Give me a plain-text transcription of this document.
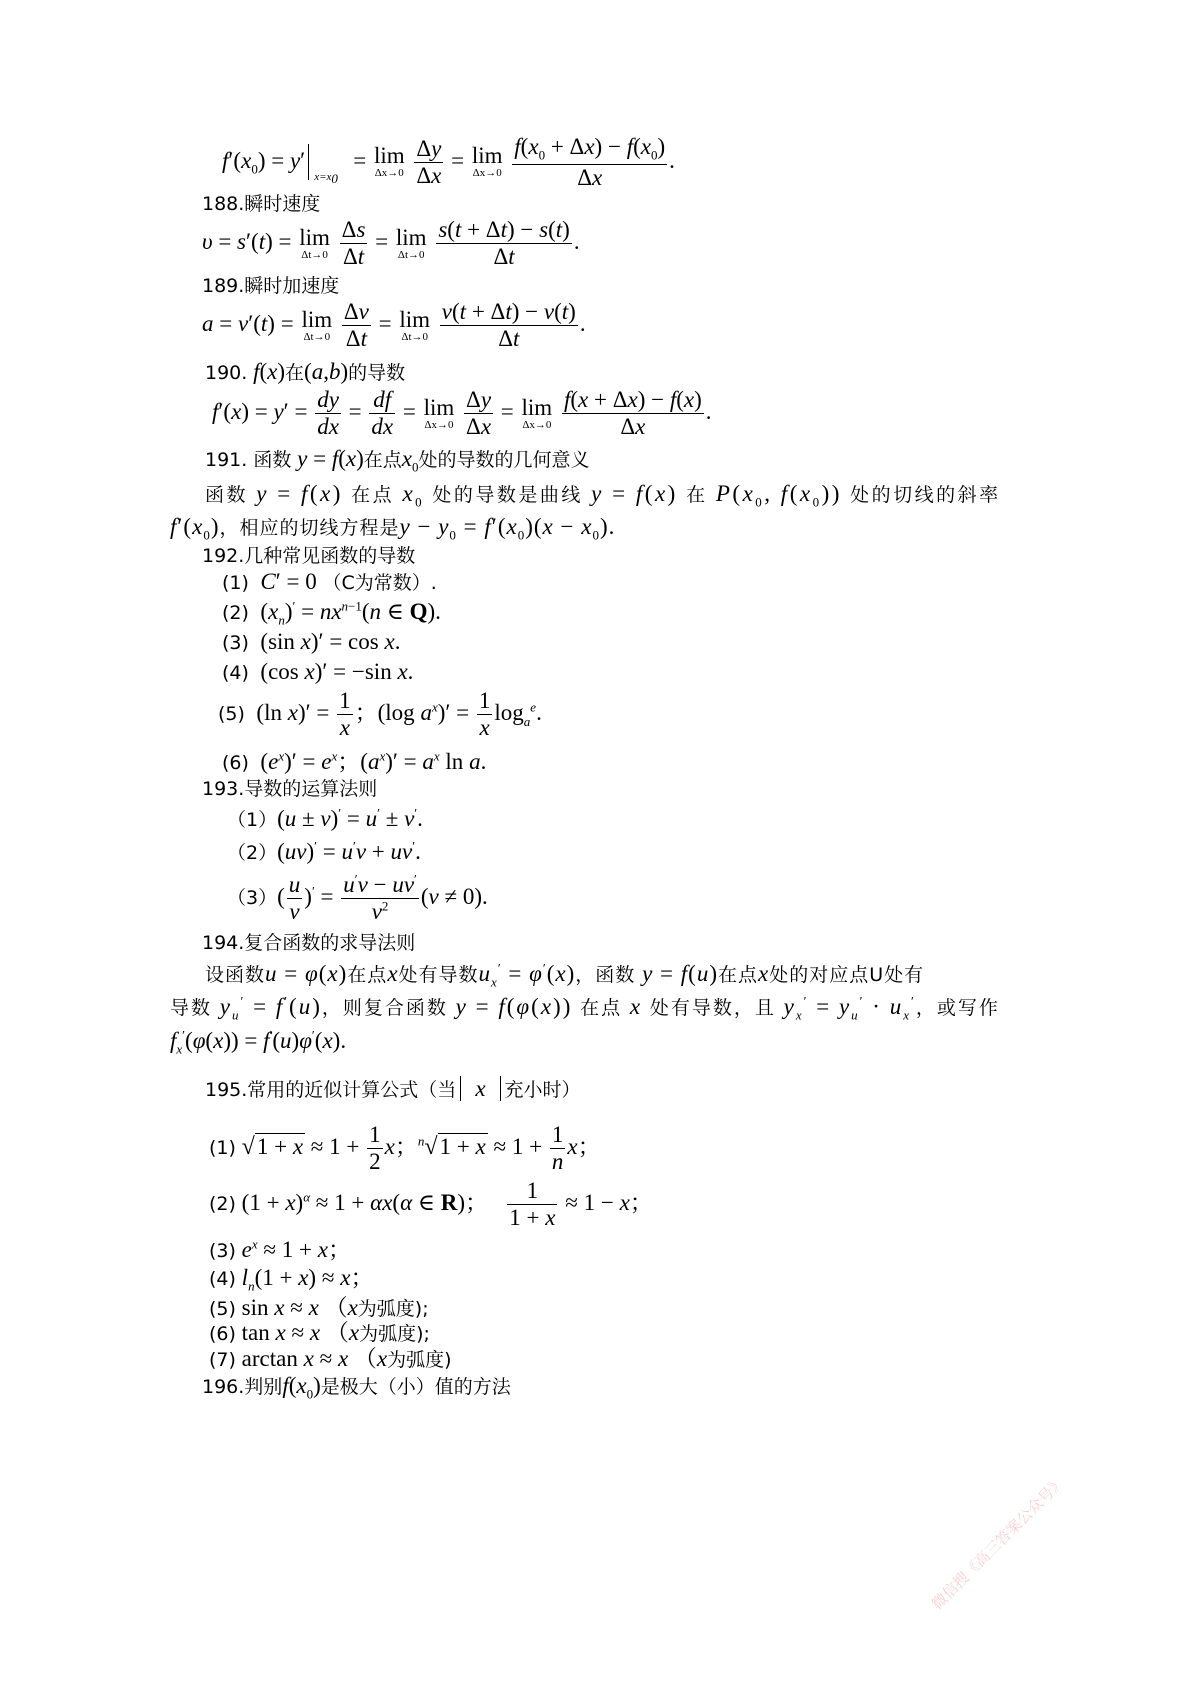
$f'(x_0) = y'$
$x=x_0$
= lim
Δx→0
$\frac{\Delta y}{\Delta x} = \lim$
Δx→0
$\frac{f(x_0 + \Delta x) - f(x_0)}{\Delta x}$ .
188.瞬时速度
υ = s′(t) = lim
Δt→0
$\frac{\Delta s}{\Delta t} = \lim$
Δt→0
$\frac{s(t + \Delta t) - s(t)}{\Delta t}$ .
189.瞬时加速度
a = v′(t) = lim
Δt→0
$\frac{\Delta v}{\Delta t} = \lim$
Δt→0
$\frac{v(t + \Delta t) - v(t)}{\Delta t}$ .
190. f(x)在(a,b)的导数
$f'(x) = y' = \frac{dy}{dx} = \frac{df}{dx} = \lim$
Δx→0
$\frac{\Delta y}{\Delta x} = \lim$
Δx→0
$\frac{f(x + \Delta x) - f(x)}{\Delta x}$ .
191. 函数 y = f(x)在点$x_0$处的导数的几何意义
函数 y = f(x) 在点 $x_0$ 处的导数是曲线 y = f(x) 在 $P(x_0$, $f(x_0)$) 处的切线的斜率
$f'(x_0)$，相应的切线方程是$y - y_0 = f'(x_0)(x - x_0)$.
192.几种常见函数的导数
(1) C′ = 0 （C为常数）.
(2)  $(x_n)' = nx^{n-1}(n$ ∈ Q).
(3)  (sin x)′ = cos x.
(4)  (cos x)′ = −sin x.
(5)  (ln $x)' = \frac{1}{x}$ ；(log $a^x)' = \frac{1}{x} \log_a^e$.
(6)  $(e^x)' = e^x$；$(a^x)' = a^x$ ln a.
193.导数的运算法则
（1）(u ± v)′ = u′ ± v′.
（2）(uv)′ = u′v + uv′.
$(3)( \frac{u}{v} )' = \frac{u'v - uv'}{v^2} (v \ne 0)$.
194.复合函数的求导法则
设函数u = φ(x)在点x处有导数$u_x' = \varphi'(x)$，函数 y = f(u)在点x处的对应点U处有
导数 $y_u' = f'(u)$，则复合函数 y = f(φ(x)) 在点 x 处有导数，且 $y_x' = y_u' \cdot u_x'$，或写作
$f_x'(\varphi(x)) = f'(u)\varphi'(x)$.
195.常用的近似计算公式（当 x 充小时）
(1) $√1 + x \approx 1 + \frac{1}{2}$ x；$^n√1 + x \approx 1 + \frac{1}{n}$ x；
(2) $(1 + x)^\alpha \approx 1 + \alpha x(\alpha$ ∈ R)； $\frac{1}{1 + x} \approx 1 - x$；
(3) $e^x \approx 1 + x$；
(4) $l_n(1 + x) \approx x$；
(5) sin x ≈ x （x为弧度);
(6) tan x ≈ x （x为弧度);
(7) arctan x ≈ x （x为弧度)
196.判别$f(x_0)$是极大（小）值的方法
微信搜《高三答案公众号》
